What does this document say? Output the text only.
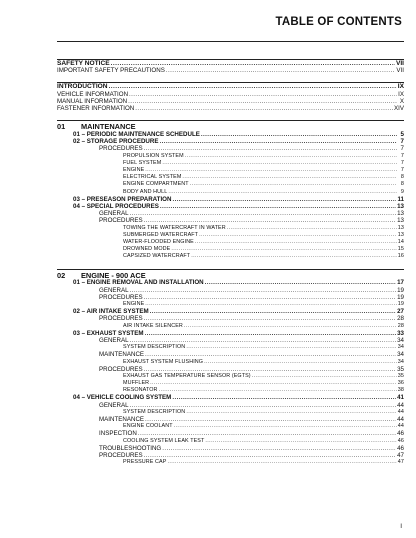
TABLE OF CONTENTS
SAFETY NOTICE .....	VII
IMPORTANT SAFETY PRECAUTIONS .....	VII
INTRODUCTION .....	IX
VEHICLE INFORMATION .....	IX
MANUAL INFORMATION .....	X
FASTENER INFORMATION .....	XIV
01	MAINTENANCE
01 – PERIODIC MAINTENANCE SCHEDULE .....	5
02 – STORAGE PROCEDURE .....	7
PROCEDURES .....	7
PROPULSION SYSTEM .....	7
FUEL SYSTEM .....	7
ENGINE .....	7
ELECTRICAL SYSTEM .....	8
ENGINE COMPARTMENT .....	8
BODY AND HULL .....	9
03 – PRESEASON PREPARATION .....	11
04 – SPECIAL PROCEDURES .....	13
GENERAL .....	13
PROCEDURES .....	13
TOWING THE WATERCRAFT IN WATER .....	13
SUBMERGED WATERCRAFT .....	13
WATER-FLOODED ENGINE .....	14
DROWNED MODE .....	15
CAPSIZED WATERCRAFT .....	16
02	ENGINE - 900 ACE
01 – ENGINE REMOVAL AND INSTALLATION .....	17
GENERAL .....	19
PROCEDURES .....	19
ENGINE .....	19
02 – AIR INTAKE SYSTEM .....	27
PROCEDURES .....	28
AIR INTAKE SILENCER .....	28
03 – EXHAUST SYSTEM .....	33
GENERAL .....	34
SYSTEM DESCRIPTION .....	34
MAINTENANCE .....	34
EXHAUST SYSTEM FLUSHING .....	34
PROCEDURES .....	35
EXHAUST GAS TEMPERATURE SENSOR (EGTS) .....	35
MUFFLER .....	36
RESONATOR .....	38
04 – VEHICLE COOLING SYSTEM .....	41
GENERAL .....	44
SYSTEM DESCRIPTION .....	44
MAINTENANCE .....	44
ENGINE COOLANT .....	44
INSPECTION .....	46
COOLING SYSTEM LEAK TEST .....	46
TROUBLESHOOTING .....	46
PROCEDURES .....	47
PRESSURE CAP .....	47
I
